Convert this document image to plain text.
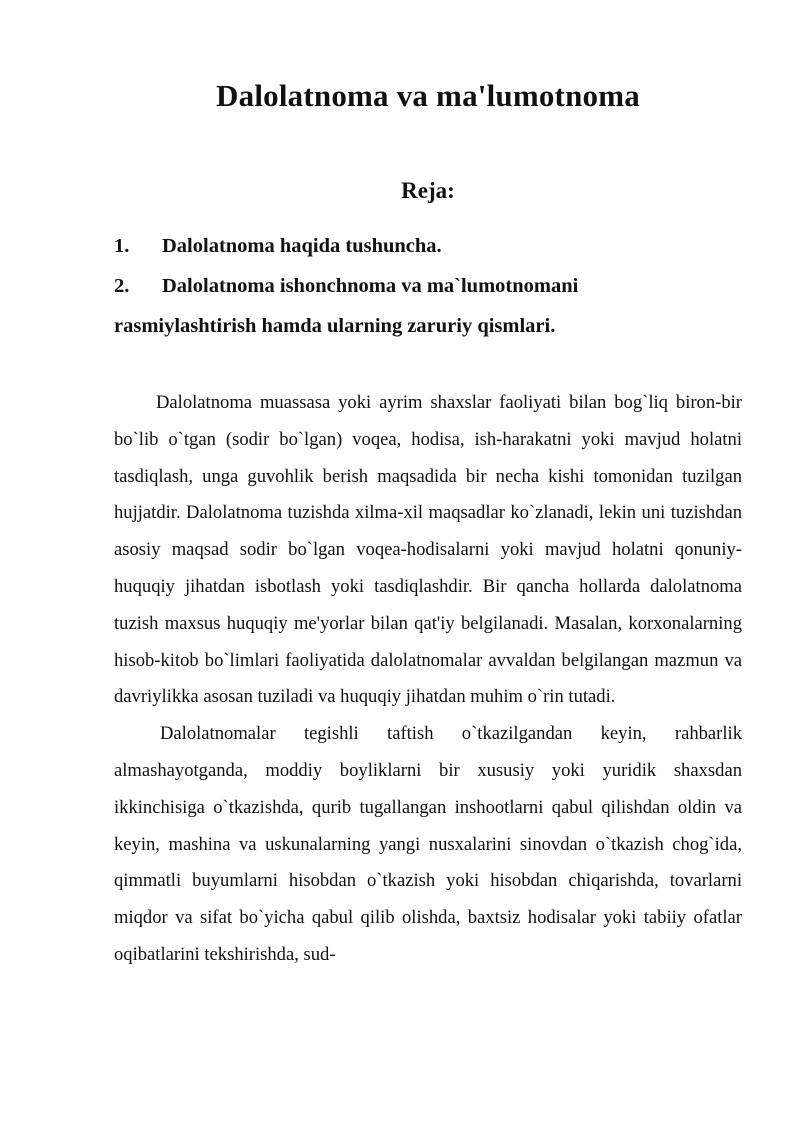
Dalolatnoma va ma'lumotnoma
Reja:
1. Dalolatnoma haqida tushuncha.
2. Dalolatnoma ishonchnoma va ma`lumotnomani
rasmiylashtirish hamda ularning zaruriy qismlari.

Dalolatnoma muassasa yoki ayrim shaxslar faoliyati bilan bog`liq biron-bir bo`lib o`tgan (sodir bo`lgan) voqea, hodisa, ish-harakatni yoki mavjud holatni tasdiqlash, unga guvohlik berish maqsadida bir necha kishi tomonidan tuzilgan hujjatdir. Dalolatnoma tuzishda xilma-xil maqsadlar ko`zlanadi, lekin uni tuzishdan asosiy maqsad sodir bo`lgan voqea-hodisalarni yoki mavjud holatni qonuniy-huquqiy jihatdan isbotlash yoki tasdiqlashdir. Bir qancha hollarda dalolatnoma tuzish maxsus huquqiy me'yorlar bilan qat'iy belgilanadi. Masalan, korxonalarning hisob-kitob bo`limlari faoliyatida dalolatnomalar avvaldan belgilangan mazmun va davriylikka asosan tuziladi va huquqiy jihatdan muhim o`rin tutadi.

Dalolatnomalar tegishli taftish o`tkazilgandan keyin, rahbarlik almashayotganda, moddiy boyliklarni bir xususiy yoki yuridik shaxsdan ikkinchisiga o`tkazishda, qurib tugallangan inshootlarni qabul qilishdan oldin va keyin, mashina va uskunalarning yangi nusxalarini sinovdan o`tkazish chog`ida, qimmatli buyumlarni hisobdan o`tkazish yoki hisobdan chiqarishda, tovarlarni miqdor va sifat bo`yicha qabul qilib olishda, baxtsiz hodisalar yoki tabiiy ofatlar oqibatlarini tekshirishda, sud-
